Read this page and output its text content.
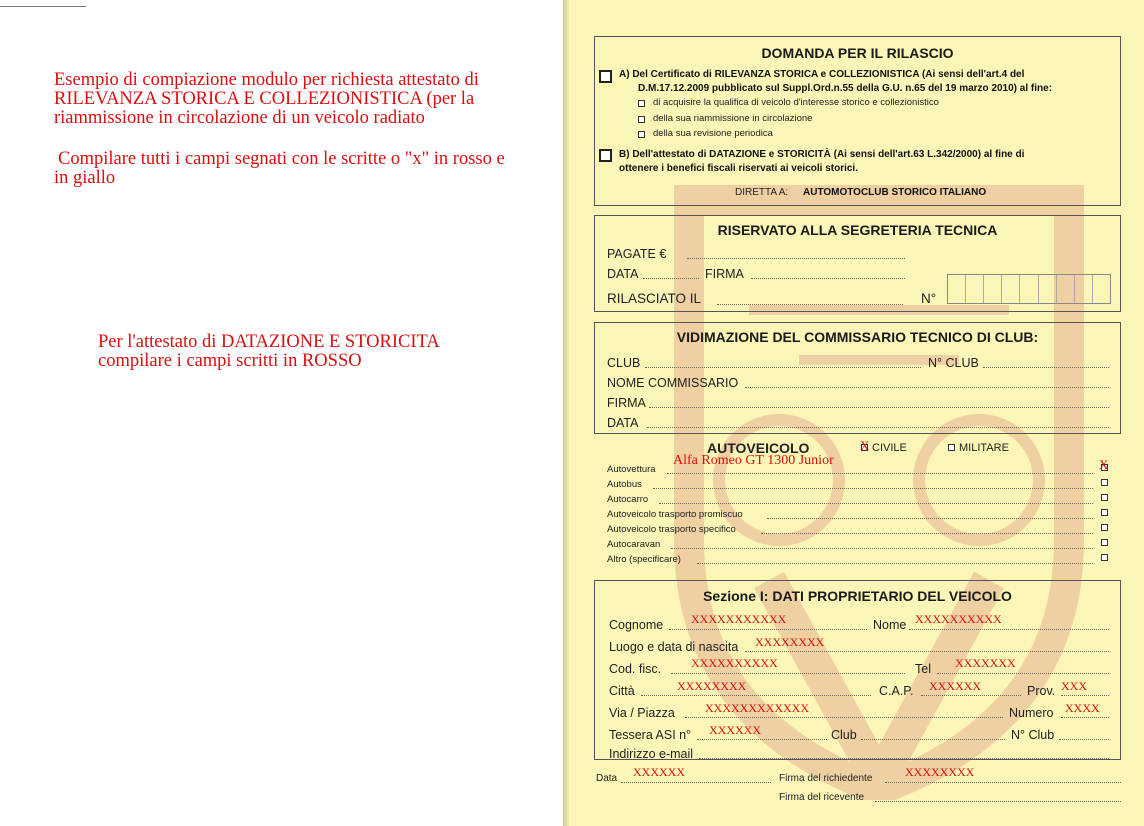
Esempio di compiazione modulo per richiesta attestato di
RILEVANZA STORICA E COLLEZIONISTICA (per la
riammissione in circolazione di un veicolo radiato
Compilare tutti i campi segnati con le scritte o "x" in rosso e
in giallo
Per l'attestato di DATAZIONE E STORICITA
compilare i campi scritti in ROSSO
DOMANDA PER IL RILASCIO
A) Del Certificato di RILEVANZA STORICA e COLLEZIONISTICA (Ai sensi dell'art.4 del
D.M.17.12.2009 pubblicato sul Suppl.Ord.n.55 della G.U. n.65 del 19 marzo 2010) al fine:
di acquisire la qualifica di veicolo d'interesse storico e collezionistico
della sua riammissione in circolazione
della sua revisione periodica
B) Dell'attestato di DATAZIONE e STORICITÀ (Ai sensi dell'art.63 L.342/2000) al fine di
ottenere i benefici fiscali riservati ai veicoli storici.
DIRETTA A: AUTOMOTOCLUB STORICO ITALIANO
RISERVATO ALLA SEGRETERIA TECNICA
PAGATE €
DATA	FIRMA
RILASCIATO IL	N°
VIDIMAZIONE DEL COMMISSARIO TECNICO DI CLUB:
CLUB	N° CLUB
NOME COMMISSARIO
FIRMA
DATA
AUTOVEICOLO	X CIVILE	MILITARE
Alfa Romeo GT 1300 Junior
Autovettura	X
Autobus
Autocarro
Autoveicolo trasporto promiscuo
Autoveicolo trasporto specifico
Autocaravan
Altro (specificare)
Sezione I: DATI PROPRIETARIO DEL VEICOLO
Cognome XXXXXXXXXXX	Nome XXXXXXXXXX
Luogo e data di nascita XXXXXXXX
Cod. fisc. XXXXXXXXXX	Tel XXXXXXX
Città	XXXXXXXX	C.A.P. XXXXXX	Prov. XXX
Via / Piazza	XXXXXXXXXXXX	Numero XXXX
Tessera ASI n° XXXXXX	Club	N° Club
Indirizzo e-mail
Data XXXXXX	Firma del richiedente	XXXXXXXX
Firma del ricevente
